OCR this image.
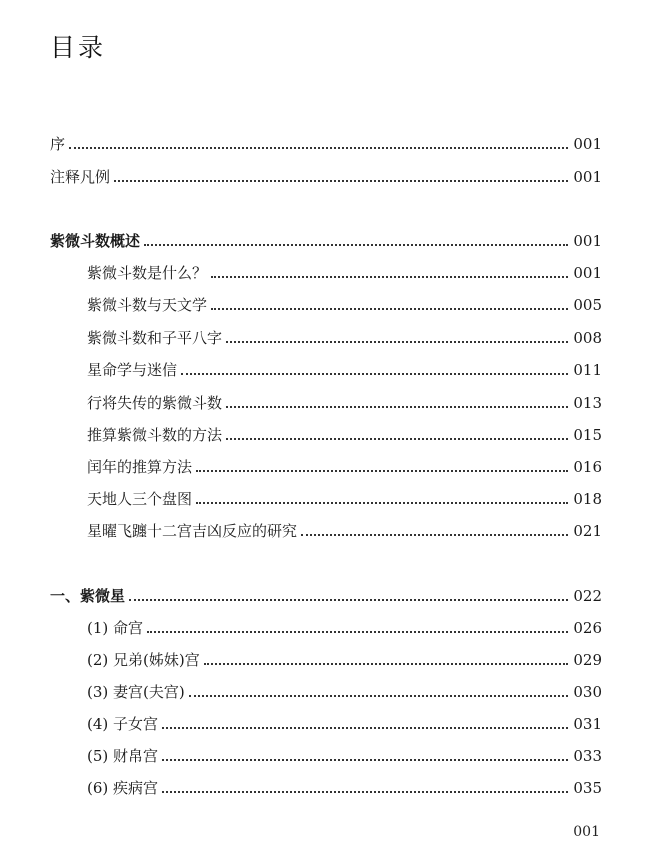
目录
序	001
注释凡例	001
紫微斗数概述	001
紫微斗数是什么？	001
紫微斗数与天文学	005
紫微斗数和子平八字	008
星命学与迷信	011
行将失传的紫微斗数	013
推算紫微斗数的方法	015
闰年的推算方法	016
天地人三个盘图	018
星曜飞躔十二宫吉凶反应的研究	021
一、紫微星	022
(1) 命宫	026
(2) 兄弟(姊妹)宫	029
(3) 妻宫(夫宫)	030
(4) 子女宫	031
(5) 财帛宫	033
(6) 疾病宫	035
001
